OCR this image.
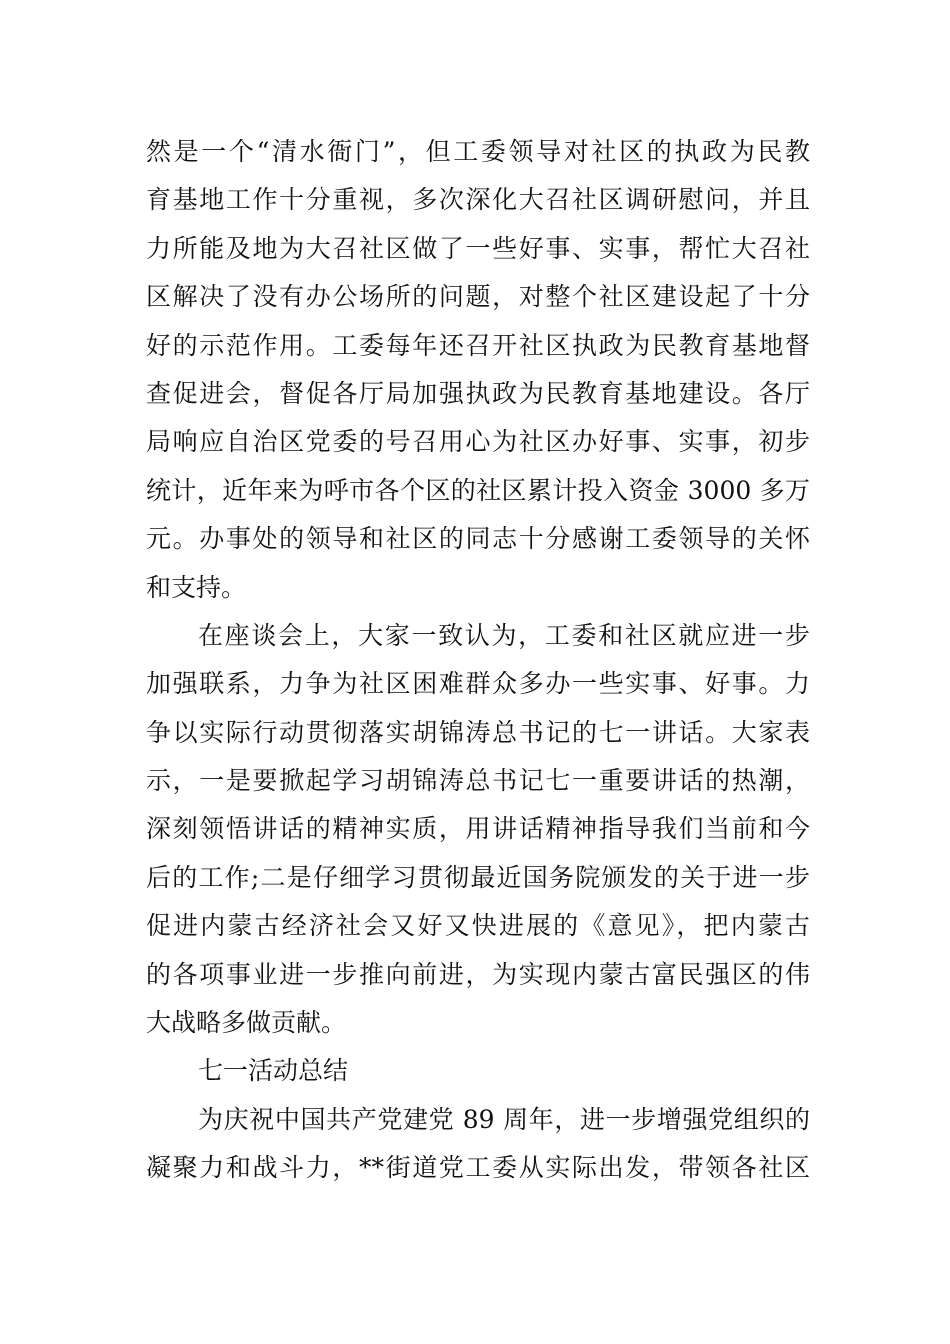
然是一个“清水衙门”，但工委领导对社区的执政为民教
育基地工作十分重视，多次深化大召社区调研慰问，并且
力所能及地为大召社区做了一些好事、实事，帮忙大召社
区解决了没有办公场所的问题，对整个社区建设起了十分
好的示范作用。工委每年还召开社区执政为民教育基地督
查促进会，督促各厅局加强执政为民教育基地建设。各厅
局响应自治区党委的号召用心为社区办好事、实事，初步
统计，近年来为呼市各个区的社区累计投入资金 3000 多万
元。办事处的领导和社区的同志十分感谢工委领导的关怀
和支持。
在座谈会上，大家一致认为，工委和社区就应进一步
加强联系，力争为社区困难群众多办一些实事、好事。力
争以实际行动贯彻落实胡锦涛总书记的七一讲话。大家表
示，一是要掀起学习胡锦涛总书记七一重要讲话的热潮，
深刻领悟讲话的精神实质，用讲话精神指导我们当前和今
后的工作;二是仔细学习贯彻最近国务院颁发的关于进一步
促进内蒙古经济社会又好又快进展的《意见》，把内蒙古
的各项事业进一步推向前进，为实现内蒙古富民强区的伟
大战略多做贡献。
七一活动总结
为庆祝中国共产党建党 89 周年，进一步增强党组织的
凝聚力和战斗力，**街道党工委从实际出发，带领各社区
